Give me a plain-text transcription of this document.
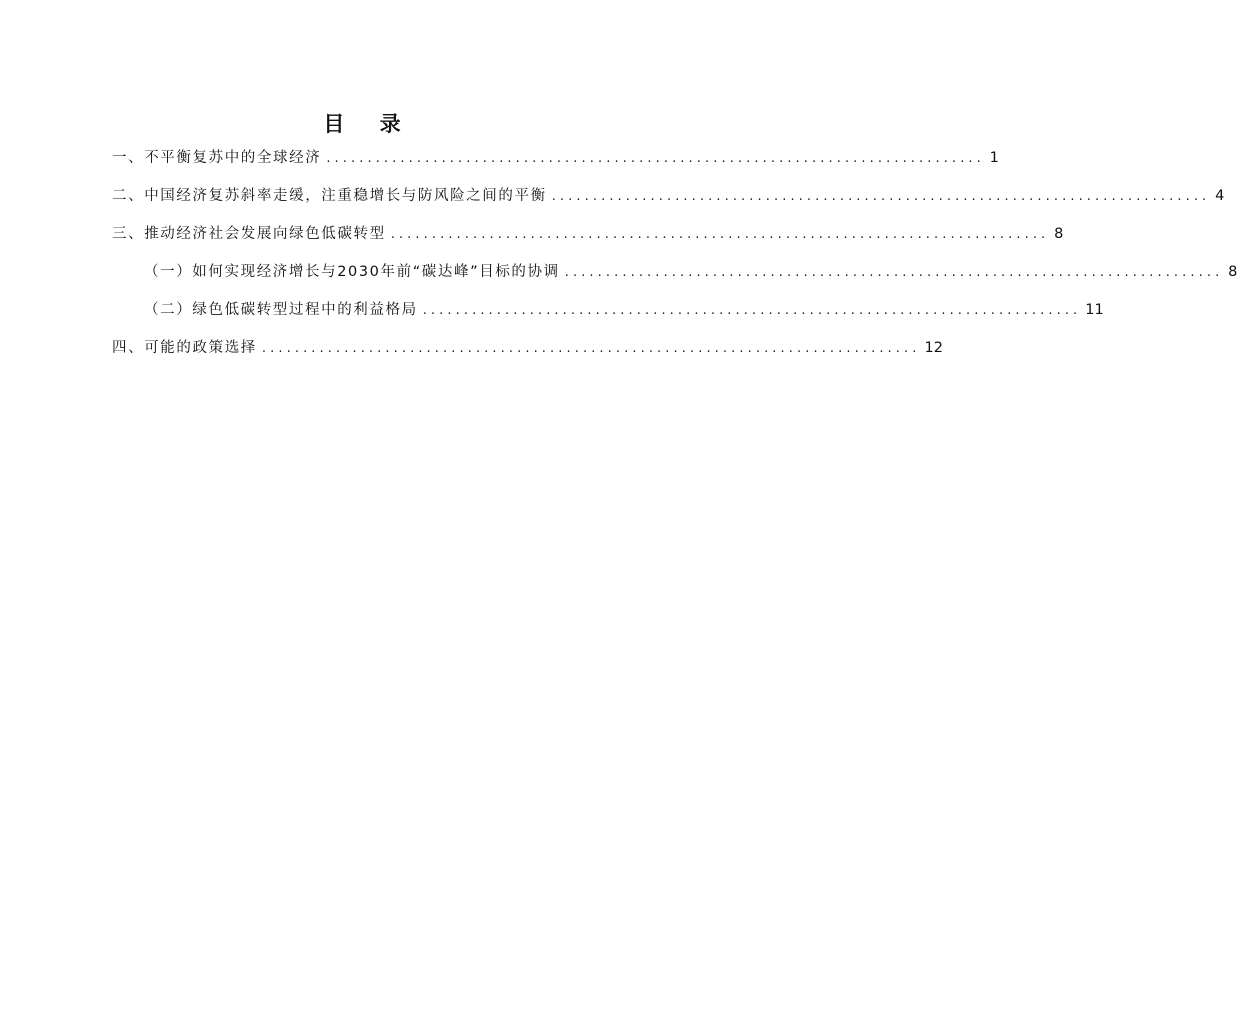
目 录
一、不平衡复苏中的全球经济 ................................................................................ 1
二、中国经济复苏斜率走缓，注重稳增长与防风险之间的平衡 ................................................................................ 4
三、推动经济社会发展向绿色低碳转型 ................................................................................ 8
（一）如何实现经济增长与2030年前“碳达峰”目标的协调 ................................................................................ 8
（二）绿色低碳转型过程中的利益格局 ................................................................................ 11
四、可能的政策选择 ................................................................................ 12
